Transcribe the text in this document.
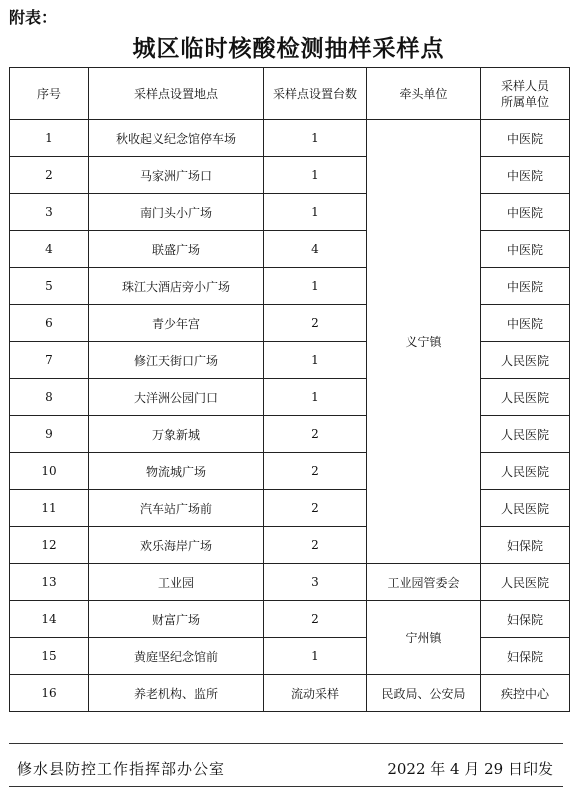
附表：
城区临时核酸检测抽样采样点
序号	采样点设置地点	采样点设置台数	牵头单位	采样人员
所属单位

1	秋收起义纪念馆停车场	1	义宁镇	中医院
2	马家洲广场口	1		中医院
3	南门头小广场	1		中医院
4	联盛广场	4		中医院
5	珠江大酒店旁小广场	1		中医院
6	青少年宫	2		中医院
7	修江天街口广场	1		人民医院
8	大洋洲公园门口	1		人民医院
9	万象新城	2		人民医院
10	物流城广场	2		人民医院
11	汽车站广场前	2		人民医院
12	欢乐海岸广场	2		妇保院
13	工业园	3	工业园管委会	人民医院
14	财富广场	2	宁州镇	妇保院
15	黄庭坚纪念馆前	1		妇保院
16	养老机构、监所	流动采样	民政局、公安局	疾控中心
修水县防控工作指挥部办公室	2022 年 4 月 29 日印发
